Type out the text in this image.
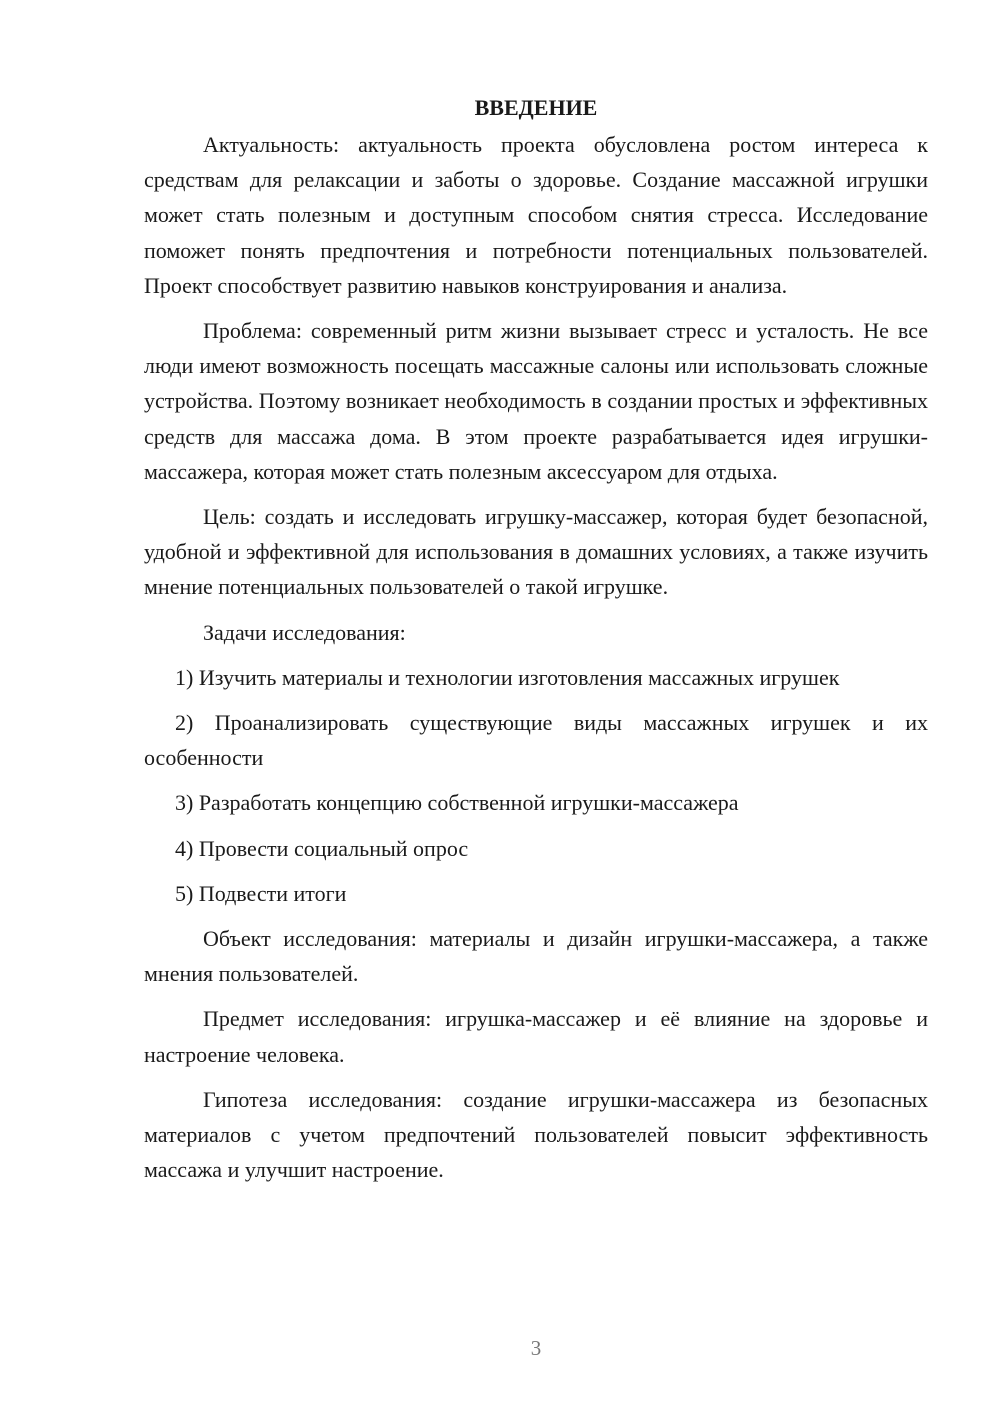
ВВЕДЕНИЕ

Актуальность: актуальность проекта обусловлена ростом интереса к средствам для релаксации и заботы о здоровье. Создание массажной игрушки может стать полезным и доступным способом снятия стресса. Исследование поможет понять предпочтения и потребности потенциальных пользователей. Проект способствует развитию навыков конструирования и анализа.

Проблема: современный ритм жизни вызывает стресс и усталость. Не все люди имеют возможность посещать массажные салоны или использовать сложные устройства. Поэтому возникает необходимость в создании простых и эффективных средств для массажа дома. В этом проекте разрабатывается идея игрушки-массажера, которая может стать полезным аксессуаром для отдыха.

Цель: создать и исследовать игрушку-массажер, которая будет безопасной, удобной и эффективной для использования в домашних условиях, а также изучить мнение потенциальных пользователей о такой игрушке.

Задачи исследования:

1) Изучить материалы и технологии изготовления массажных игрушек

2) Проанализировать существующие виды массажных игрушек и их особенности

3) Разработать концепцию собственной игрушки-массажера

4) Провести социальный опрос

5) Подвести итоги

Объект исследования: материалы и дизайн игрушки-массажера, а также мнения пользователей.

Предмет исследования: игрушка-массажер и её влияние на здоровье и настроение человека.

Гипотеза исследования: создание игрушки-массажера из безопасных материалов с учетом предпочтений пользователей повысит эффективность массажа и улучшит настроение.

3
